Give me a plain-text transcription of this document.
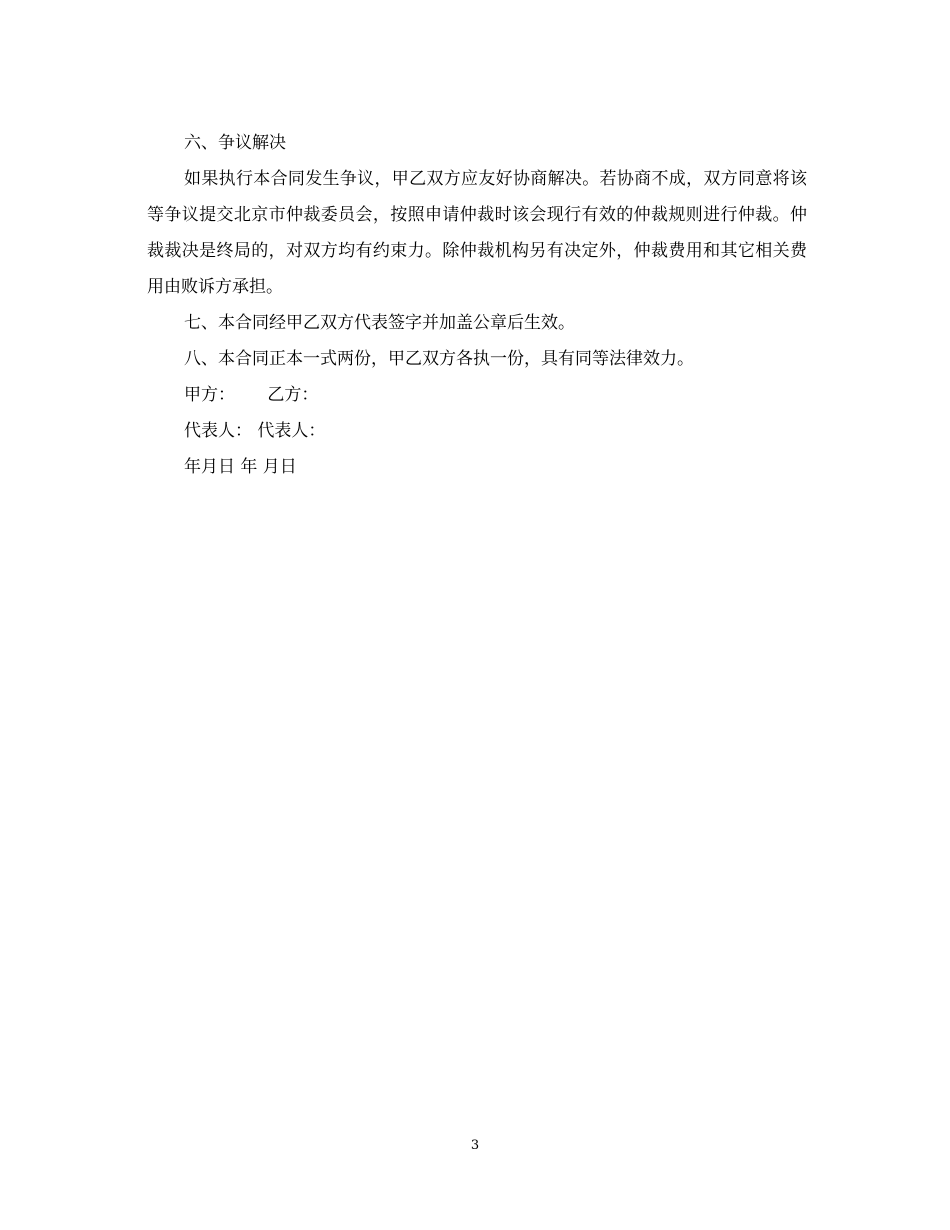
六、争议解决

如果执行本合同发生争议，甲乙双方应友好协商解决。若协商不成，双方同意将该等争议提交北京市仲裁委员会，按照申请仲裁时该会现行有效的仲裁规则进行仲裁。仲裁裁决是终局的，对双方均有约束力。除仲裁机构另有决定外，仲裁费用和其它相关费用由败诉方承担。

七、本合同经甲乙双方代表签字并加盖公章后生效。

八、本合同正本一式两份，甲乙双方各执一份，具有同等法律效力。

甲方：      乙方：

代表人： 代表人：

年月日 年 月日

3
